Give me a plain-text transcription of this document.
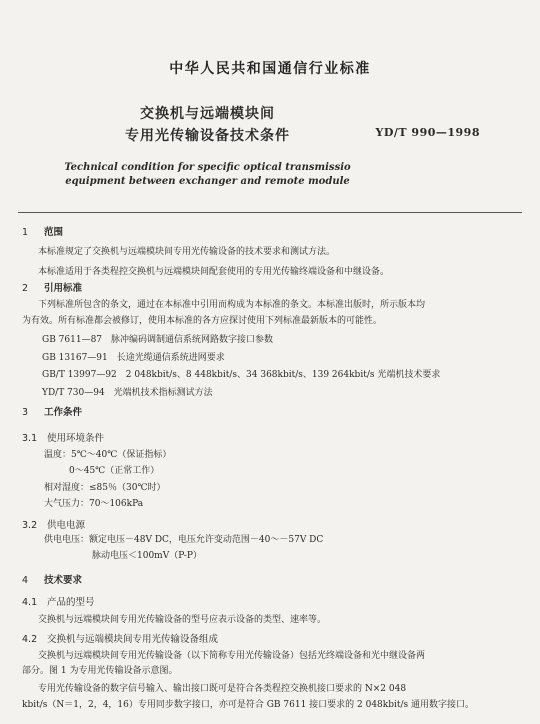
中华人民共和国通信行业标准
交换机与远端模块间
专用光传输设备技术条件	YD/T 990—1998
Technical condition for specific optical transmissio
equipment between exchanger and remote module
1 范围
本标准规定了交换机与远端模块间专用光传输设备的技术要求和测试方法。
本标准适用于各类程控交换机与远端模块间配套使用的专用光传输终端设备和中继设备。
2 引用标准
下列标准所包含的条文，通过在本标准中引用而构成为本标准的条文。本标准出版时，所示版本均
为有效。所有标准都会被修订，使用本标准的各方应探讨使用下列标准最新版本的可能性。
GB 7611—87　脉冲编码调制通信系统网路数字接口参数
GB 13167—91　长途光缆通信系统进网要求
GB/T 13997—92　2 048kbit/s、8 448kbit/s、34 368kbit/s、139 264kbit/s 光端机技术要求
YD/T 730—94　光端机技术指标测试方法
3 工作条件
3.1 使用环境条件
温度：5℃～40℃（保证指标）
0～45℃（正常工作）
相对湿度：≤85％（30℃时）
大气压力：70～106kPa
3.2 供电电源
供电电压：额定电压－48V DC，电压允许变动范围－40～－57V DC
脉动电压＜100mV（P-P）
4 技术要求
4.1 产品的型号
交换机与远端模块间专用光传输设备的型号应表示设备的类型、速率等。
4.2 交换机与远端模块间专用光传输设备组成
交换机与远端模块间专用光传输设备（以下简称专用光传输设备）包括光终端设备和光中继设备两
部分。图 1 为专用光传输设备示意图。
专用光传输设备的数字信号输入、输出接口既可是符合各类程控交换机接口要求的 N×2 048
kbit/s（N＝1，2，4，16）专用同步数字接口，亦可是符合 GB 7611 接口要求的 2 048kbit/s 通用数字接口。
